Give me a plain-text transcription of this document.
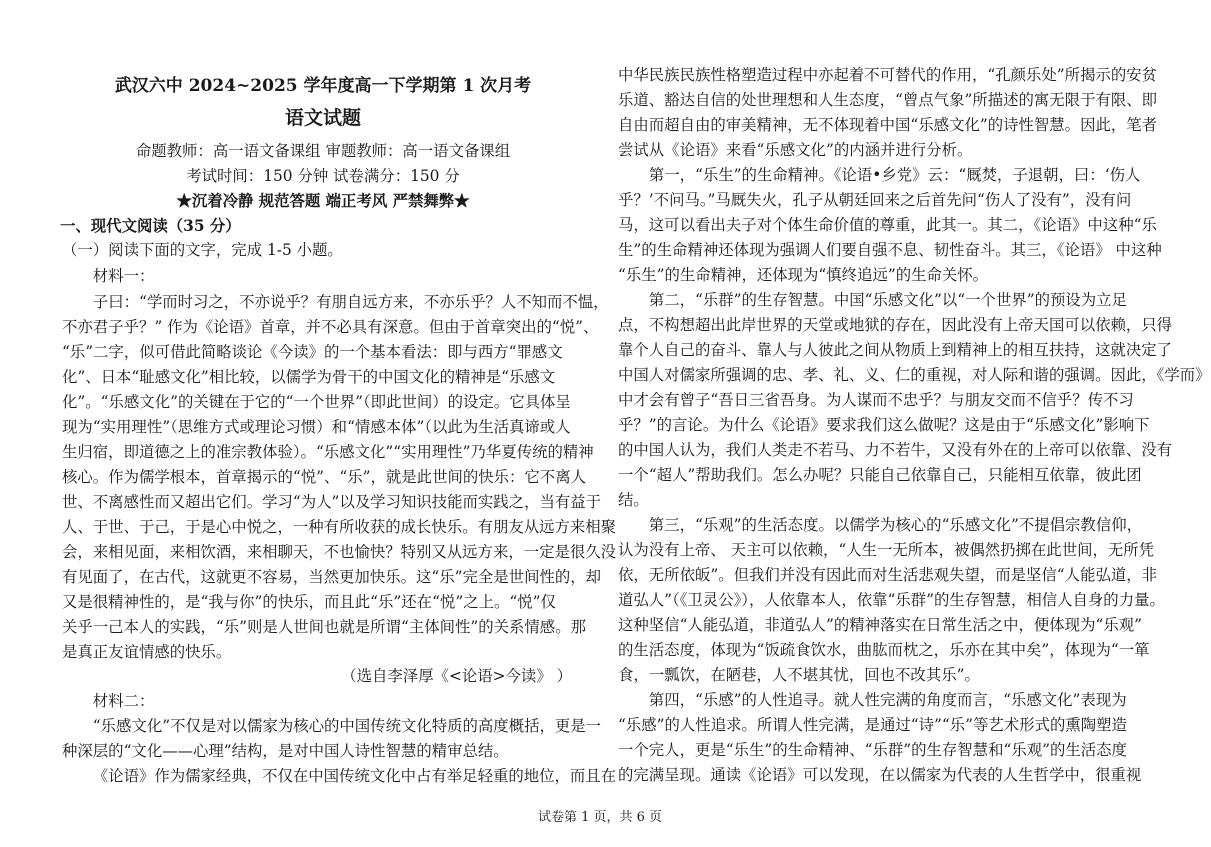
武汉六中 2024~2025 学年度高一下学期第 1 次月考
语文试题
命题教师：高一语文备课组 审题教师：高一语文备课组
考试时间：150 分钟 试卷满分：150 分
★沉着冷静 规范答题 端正考风 严禁舞弊★
一、现代文阅读（35 分）
（一）阅读下面的文字，完成 1-5 小题。
材料一：
子曰：“学而时习之，不亦说乎？有朋自远方来，不亦乐乎？人不知而不愠，
不亦君子乎？” 作为《论语》首章，并不必具有深意。但由于首章突出的“悦”、
“乐”二字，似可借此简略谈论《今读》的一个基本看法：即与西方“罪感文
化”、日本“耻感文化”相比较，以儒学为骨干的中国文化的精神是“乐感文
化”。“乐感文化”的关键在于它的“一个世界”（即此世间）的设定。它具体呈
现为“实用理性”（思维方式或理论习惯）和“情感本体”（以此为生活真谛或人
生归宿，即道德之上的准宗教体验）。“乐感文化”“实用理性”乃华夏传统的精神
核心。作为儒学根本，首章揭示的“悦”、“乐”，就是此世间的快乐：它不离人
世、不离感性而又超出它们。学习“为人”以及学习知识技能而实践之，当有益于
人、于世、于己，于是心中悦之，一种有所收获的成长快乐。有朋友从远方来相聚
会，来相见面，来相饮酒，来相聊天，不也愉快？特别又从远方来，一定是很久没
有见面了，在古代，这就更不容易，当然更加快乐。这“乐”完全是世间性的，却
又是很精神性的，是“我与你”的快乐，而且此“乐”还在“悦”之上。“悦”仅
关乎一己本人的实践，“乐”则是人世间也就是所谓“主体间性”的关系情感。那
是真正友谊情感的快乐。
（选自李泽厚《<论语>今读》 ）
材料二：
“乐感文化”不仅是对以儒家为核心的中国传统文化特质的高度概括，更是一
种深层的“文化——心理”结构，是对中国人诗性智慧的精审总结。
《论语》作为儒家经典，不仅在中国传统文化中占有举足轻重的地位，而且在
中华民族民族性格塑造过程中亦起着不可替代的作用，“孔颜乐处”所揭示的安贫
乐道、豁达自信的处世理想和人生态度，“曾点气象”所描述的寓无限于有限、即
自由而超自由的审美精神，无不体现着中国“乐感文化”的诗性智慧。因此，笔者
尝试从《论语》来看“乐感文化”的内涵并进行分析。
第一，“乐生”的生命精神。《论语•乡党》云：“厩焚，子退朝，曰：‘伤人
乎？’不问马。”马厩失火，孔子从朝廷回来之后首先问“伤人了没有”，没有问
马，这可以看出夫子对个体生命价值的尊重，此其一。其二，《论语》中这种“乐
生”的生命精神还体现为强调人们要自强不息、韧性奋斗。其三，《论语》 中这种
“乐生”的生命精神，还体现为“慎终追远”的生命关怀。
第二，“乐群”的生存智慧。中国“乐感文化”以“一个世界”的预设为立足
点，不构想超出此岸世界的天堂或地狱的存在，因此没有上帝天国可以依赖，只得
靠个人自己的奋斗、靠人与人彼此之间从物质上到精神上的相互扶持，这就决定了
中国人对儒家所强调的忠、孝、礼、义、仁的重视，对人际和谐的强调。因此，《学而》
中才会有曾子“吾日三省吾身。为人谋而不忠乎？与朋友交而不信乎？传不习
乎？”的言论。为什么《论语》要求我们这么做呢？这是由于“乐感文化”影响下
的中国人认为，我们人类走不若马、力不若牛，又没有外在的上帝可以依靠、没有
一个“超人”帮助我们。怎么办呢？只能自己依靠自己，只能相互依靠，彼此团
结。
第三，“乐观”的生活态度。以儒学为核心的“乐感文化”不提倡宗教信仰，
认为没有上帝、 天主可以依赖，“人生一无所本，被偶然扔掷在此世间，无所凭
依，无所依皈”。但我们并没有因此而对生活悲观失望，而是坚信“人能弘道，非
道弘人”（《卫灵公》），人依靠本人，依靠“乐群”的生存智慧，相信人自身的力量。
这种坚信“人能弘道，非道弘人”的精神落实在日常生活之中，便体现为“乐观”
的生活态度，体现为“饭疏食饮水，曲肱而枕之，乐亦在其中矣”，体现为“一箪
食，一瓢饮，在陋巷，人不堪其忧，回也不改其乐”。
第四，“乐感”的人性追寻。就人性完满的角度而言，“乐感文化”表现为
“乐感”的人性追求。所谓人性完满，是通过“诗”“乐”等艺术形式的熏陶塑造
一个完人，更是“乐生”的生命精神、“乐群”的生存智慧和“乐观”的生活态度
的完满呈现。通读《论语》可以发现，在以儒家为代表的人生哲学中，很重视
试卷第 1 页，共 6 页
